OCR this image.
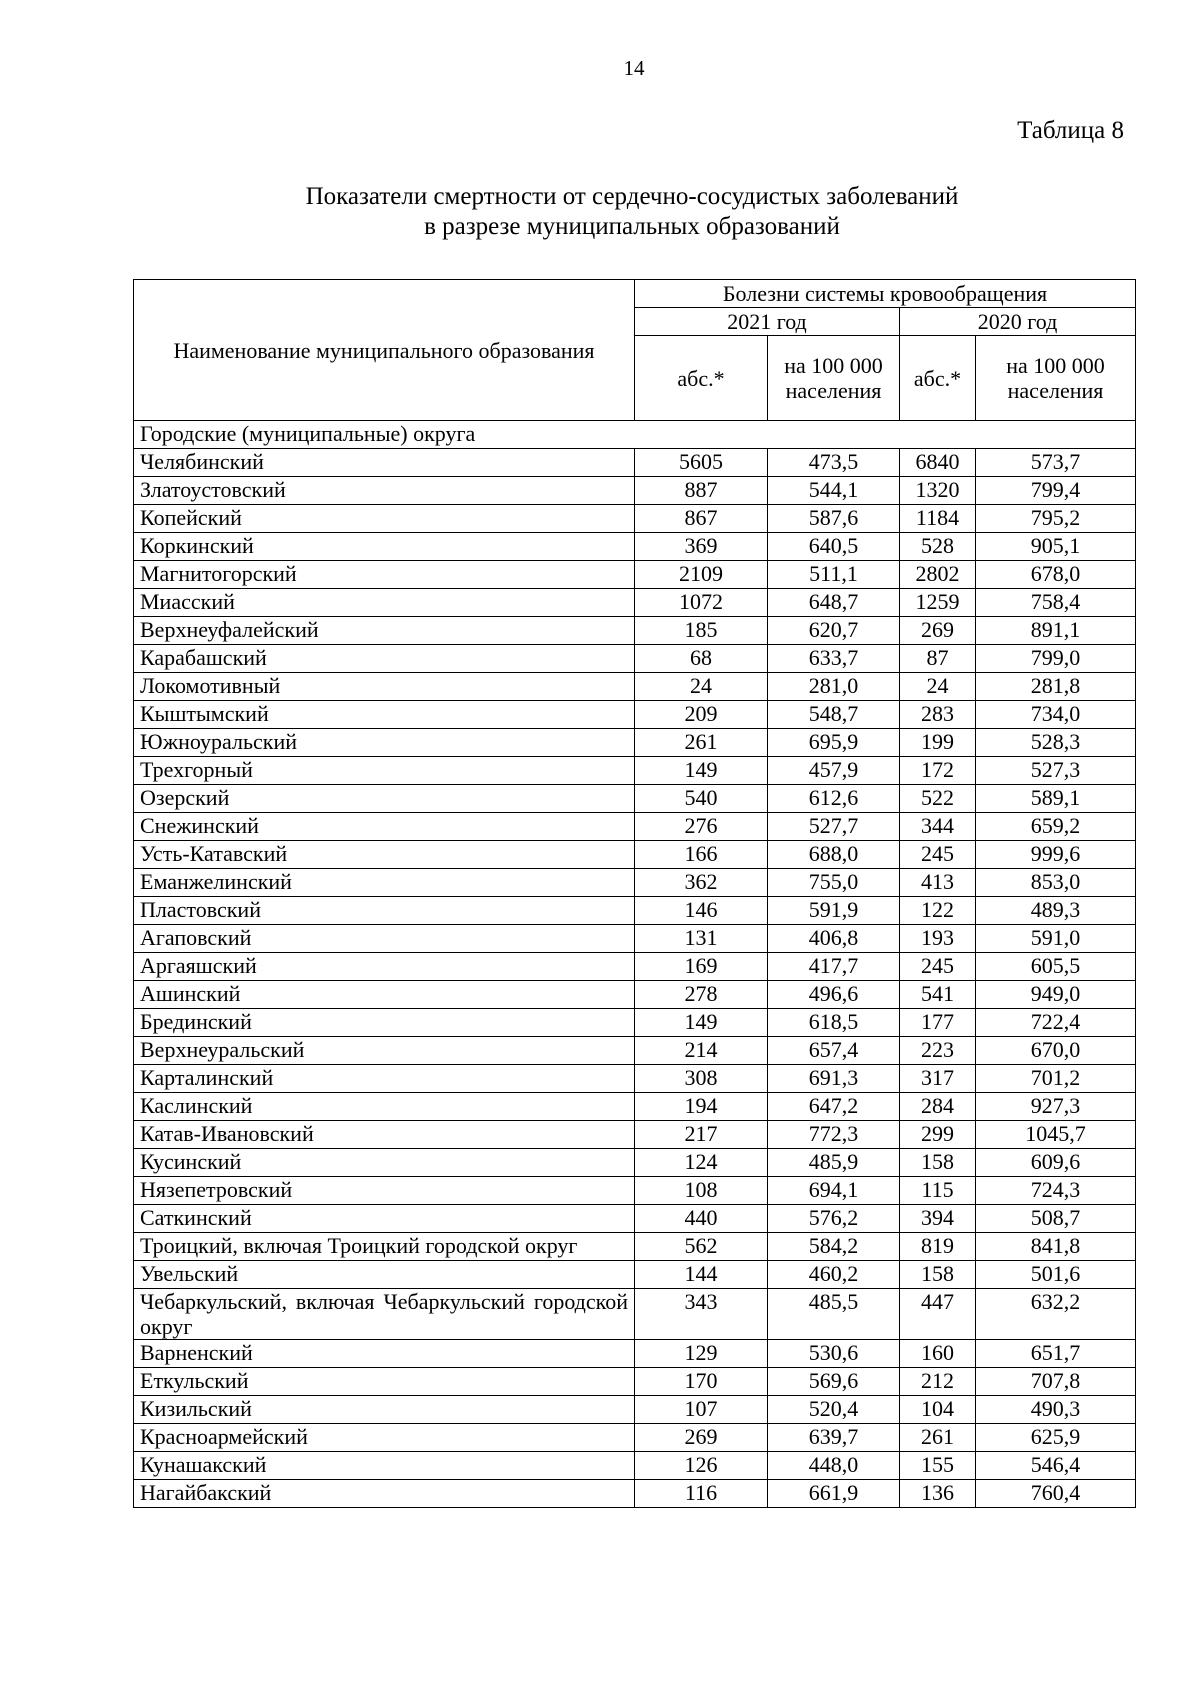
14
Таблица 8
Показатели смертности от сердечно-сосудистых заболеваний
в разрезе муниципальных образований
Наименование муниципального образования	Болезни системы кровообращения			
	2021 год		2020 год	
	абс.*	на 100 000 населения	абс.*	на 100 000 населения
Городские (муниципальные) округа				
Челябинский	5605	473,5	6840	573,7
Златоустовский	887	544,1	1320	799,4
Копейский	867	587,6	1184	795,2
Коркинский	369	640,5	528	905,1
Магнитогорский	2109	511,1	2802	678,0
Миасский	1072	648,7	1259	758,4
Верхнеуфалейский	185	620,7	269	891,1
Карабашский	68	633,7	87	799,0
Локомотивный	24	281,0	24	281,8
Кыштымский	209	548,7	283	734,0
Южноуральский	261	695,9	199	528,3
Трехгорный	149	457,9	172	527,3
Озерский	540	612,6	522	589,1
Снежинский	276	527,7	344	659,2
Усть-Катавский	166	688,0	245	999,6
Еманжелинский	362	755,0	413	853,0
Пластовский	146	591,9	122	489,3
Агаповский	131	406,8	193	591,0
Аргаяшский	169	417,7	245	605,5
Ашинский	278	496,6	541	949,0
Брединский	149	618,5	177	722,4
Верхнеуральский	214	657,4	223	670,0
Карталинский	308	691,3	317	701,2
Каслинский	194	647,2	284	927,3
Катав-Ивановский	217	772,3	299	1045,7
Кусинский	124	485,9	158	609,6
Нязепетровский	108	694,1	115	724,3
Саткинский	440	576,2	394	508,7
Троицкий, включая Троицкий городской округ	562	584,2	819	841,8
Увельский	144	460,2	158	501,6
Чебаркульский, включая Чебаркульский городской округ	343	485,5	447	632,2
Варненский	129	530,6	160	651,7
Еткульский	170	569,6	212	707,8
Кизильский	107	520,4	104	490,3
Красноармейский	269	639,7	261	625,9
Кунашакский	126	448,0	155	546,4
Нагайбакский	116	661,9	136	760,4
